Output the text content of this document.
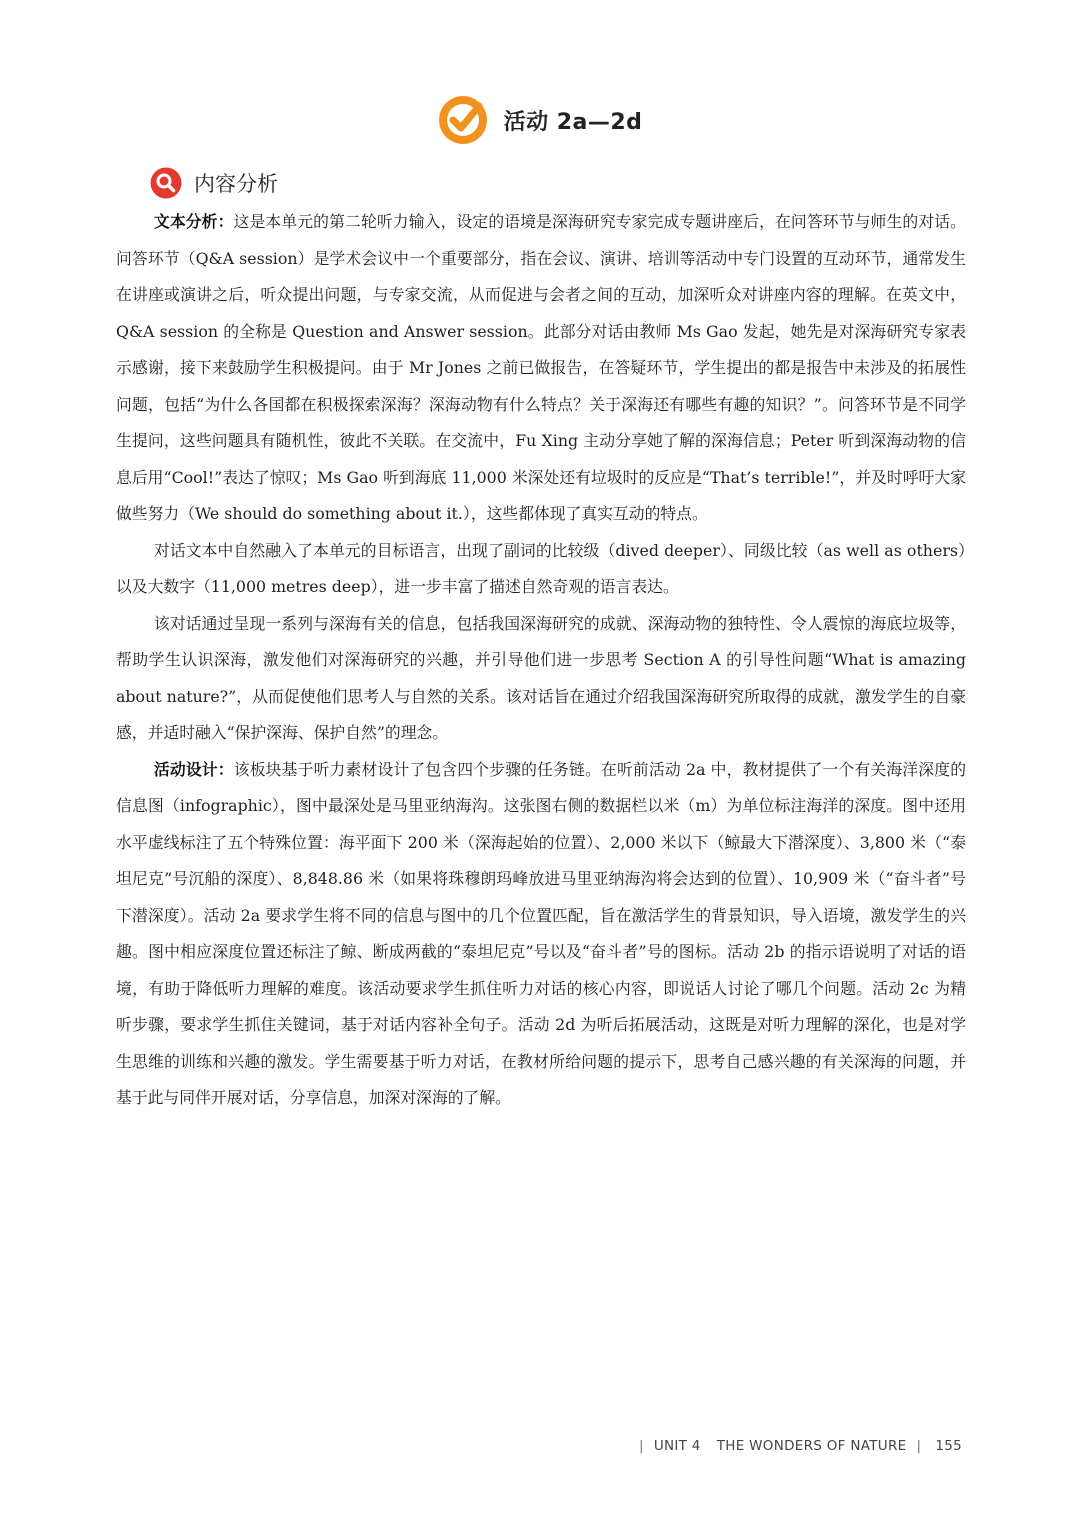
活动 2a—2d
内容分析

文本分析：这是本单元的第二轮听力输入，设定的语境是深海研究专家完成专题讲座后，在问答环节与师生的对话。问答环节（Q&A session）是学术会议中一个重要部分，指在会议、演讲、培训等活动中专门设置的互动环节，通常发生在讲座或演讲之后，听众提出问题，与专家交流，从而促进与会者之间的互动，加深听众对讲座内容的理解。在英文中，Q&A session 的全称是 Question and Answer session。此部分对话由教师 Ms Gao 发起，她先是对深海研究专家表示感谢，接下来鼓励学生积极提问。由于 Mr Jones 之前已做报告，在答疑环节，学生提出的都是报告中未涉及的拓展性问题，包括“为什么各国都在积极探索深海？深海动物有什么特点？关于深海还有哪些有趣的知识？”。问答环节是不同学生提问，这些问题具有随机性，彼此不关联。在交流中，Fu Xing 主动分享她了解的深海信息；Peter 听到深海动物的信息后用“Cool!”表达了惊叹；Ms Gao 听到海底 11,000 米深处还有垃圾时的反应是“That’s terrible!”，并及时呼吁大家做些努力（We should do something about it.），这些都体现了真实互动的特点。

对话文本中自然融入了本单元的目标语言，出现了副词的比较级（dived deeper）、同级比较（as well as others）以及大数字（11,000 metres deep），进一步丰富了描述自然奇观的语言表达。

该对话通过呈现一系列与深海有关的信息，包括我国深海研究的成就、深海动物的独特性、令人震惊的海底垃圾等，帮助学生认识深海，激发他们对深海研究的兴趣，并引导他们进一步思考 Section A 的引导性问题“What is amazing about nature?”，从而促使他们思考人与自然的关系。该对话旨在通过介绍我国深海研究所取得的成就，激发学生的自豪感，并适时融入“保护深海、保护自然”的理念。

活动设计：该板块基于听力素材设计了包含四个步骤的任务链。在听前活动 2a 中，教材提供了一个有关海洋深度的信息图（infographic），图中最深处是马里亚纳海沟。这张图右侧的数据栏以米（m）为单位标注海洋的深度。图中还用水平虚线标注了五个特殊位置：海平面下 200 米（深海起始的位置）、2,000 米以下（鲸最大下潜深度）、3,800 米（“泰坦尼克”号沉船的深度）、8,848.86 米（如果将珠穆朗玛峰放进马里亚纳海沟将会达到的位置）、10,909 米（“奋斗者”号下潜深度）。活动 2a 要求学生将不同的信息与图中的几个位置匹配，旨在激活学生的背景知识，导入语境，激发学生的兴趣。图中相应深度位置还标注了鲸、断成两截的“泰坦尼克”号以及“奋斗者”号的图标。活动 2b 的指示语说明了对话的语境，有助于降低听力理解的难度。该活动要求学生抓住听力对话的核心内容，即说话人讨论了哪几个问题。活动 2c 为精听步骤，要求学生抓住关键词，基于对话内容补全句子。活动 2d 为听后拓展活动，这既是对听力理解的深化，也是对学生思维的训练和兴趣的激发。学生需要基于听力对话，在教材所给问题的提示下，思考自己感兴趣的有关深海的问题，并基于此与同伴开展对话，分享信息，加深对深海的了解。

| UNIT 4 THE WONDERS OF NATURE | 155
